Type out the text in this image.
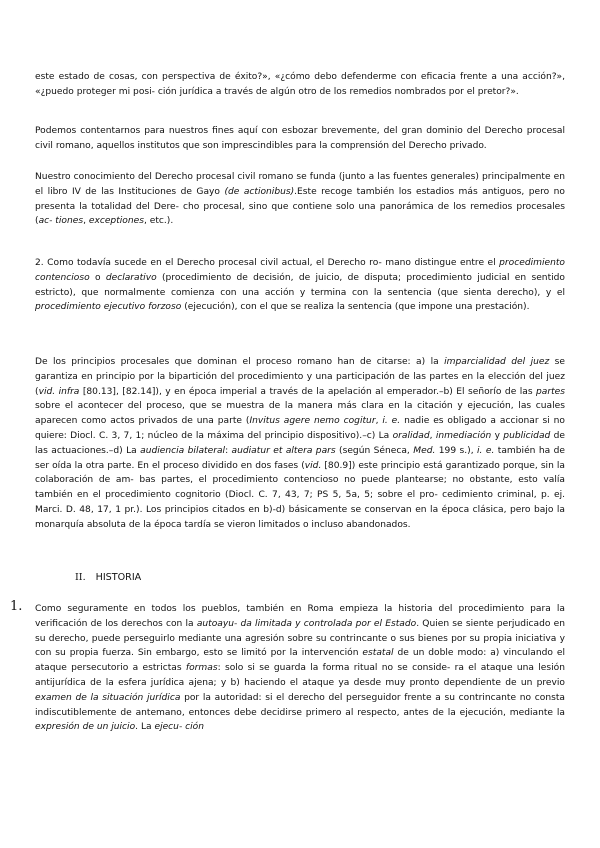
este estado de cosas, con perspectiva de éxito?», «¿cómo debo defenderme con eficacia frente a una acción?», «¿puedo proteger mi posi- ción jurídica a través de algún otro de los remedios nombrados por el pretor?».

Podemos contentarnos para nuestros fines aquí con esbozar brevemente, del gran dominio del Derecho procesal civil romano, aquellos institutos que son imprescindibles para la comprensión del Derecho privado.

Nuestro conocimiento del Derecho procesal civil romano se funda (junto a las fuentes generales) principalmente en el libro IV de las Instituciones de Gayo (de actionibus).Este recoge también los estadios más antiguos, pero no presenta la totalidad del Dere- cho procesal, sino que contiene solo una panorámica de los remedios procesales (ac- tiones, exceptiones, etc.).

2. Como todavía sucede en el Derecho procesal civil actual, el Derecho ro- mano distingue entre el procedimiento contencioso o declarativo (procedimiento de decisión, de juicio, de disputa; procedimiento judicial en sentido estricto), que normalmente comienza con una acción y termina con la sentencia (que sienta derecho), y el procedimiento ejecutivo forzoso (ejecución), con el que se realiza la sentencia (que impone una prestación).

De los principios procesales que dominan el proceso romano han de citarse: a) la imparcialidad del juez se garantiza en principio por la bipartición del procedimiento y una participación de las partes en la elección del juez (vid. infra [80.13], [82.14]), y en época imperial a través de la apelación al emperador.–b) El señorío de las partes sobre el acontecer del proceso, que se muestra de la manera más clara en la citación y ejecución, las cuales aparecen como actos privados de una parte (Invitus agere nemo cogitur, i. e. nadie es obligado a accionar si no quiere: Diocl. C. 3, 7, 1; núcleo de la máxima del principio dispositivo).–c) La oralidad, inmediación y publicidad de las actuaciones.–d) La audiencia bilateral: audiatur et altera pars (según Séneca, Med. 199 s.), i. e. también ha de ser oída la otra parte. En el proceso dividido en dos fases (vid. [80.9]) este principio está garantizado porque, sin la colaboración de am- bas partes, el procedimiento contencioso no puede plantearse; no obstante, esto valía también en el procedimiento cognitorio (Diocl. C. 7, 43, 7; PS 5, 5a, 5; sobre el pro- cedimiento criminal, p. ej. Marci. D. 48, 17, 1 pr.). Los principios citados en b)-d) básicamente se conservan en la época clásica, pero bajo la monarquía absoluta de la época tardía se vieron limitados o incluso abandonados.

II. HISTORIA
1. Como seguramente en todos los pueblos, también en Roma empieza la historia del procedimiento para la verificación de los derechos con la autoayu- da limitada y controlada por el Estado. Quien se siente perjudicado en su derecho, puede perseguirlo mediante una agresión sobre su contrincante o sus bienes por su propia iniciativa y con su propia fuerza. Sin embargo, esto se limitó por la intervención estatal de un doble modo: a) vinculando el ataque persecutorio a estrictas formas: solo si se guarda la forma ritual no se conside- ra el ataque una lesión antijurídica de la esfera jurídica ajena; y b) haciendo el ataque ya desde muy pronto dependiente de un previo examen de la situación jurídica por la autoridad: si el derecho del perseguidor frente a su contrincante no consta indiscutiblemente de antemano, entonces debe decidirse primero al respecto, antes de la ejecución, mediante la expresión de un juicio. La ejecu- ción
